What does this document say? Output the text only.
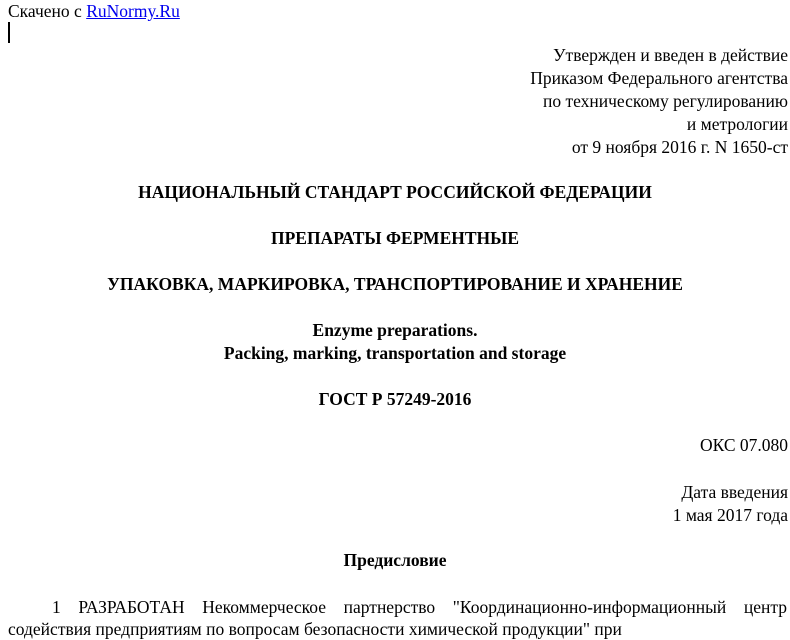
Скачено с RuNormy.Ru
Утвержден и введен в действие
Приказом Федерального агентства
по техническому регулированию
и метрологии
от 9 ноября 2016 г. N 1650-ст
НАЦИОНАЛЬНЫЙ СТАНДАРТ РОССИЙСКОЙ ФЕДЕРАЦИИ
ПРЕПАРАТЫ ФЕРМЕНТНЫЕ
УПАКОВКА, МАРКИРОВКА, ТРАНСПОРТИРОВАНИЕ И ХРАНЕНИЕ
Enzyme preparations.
Packing, marking, transportation and storage
ГОСТ Р 57249-2016
ОКС 07.080
Дата введения
1 мая 2017 года
Предисловие
1 РАЗРАБОТАН Некоммерческое партнерство "Координационно-информационный центр содействия предприятиям по вопросам безопасности химической продукции" при
